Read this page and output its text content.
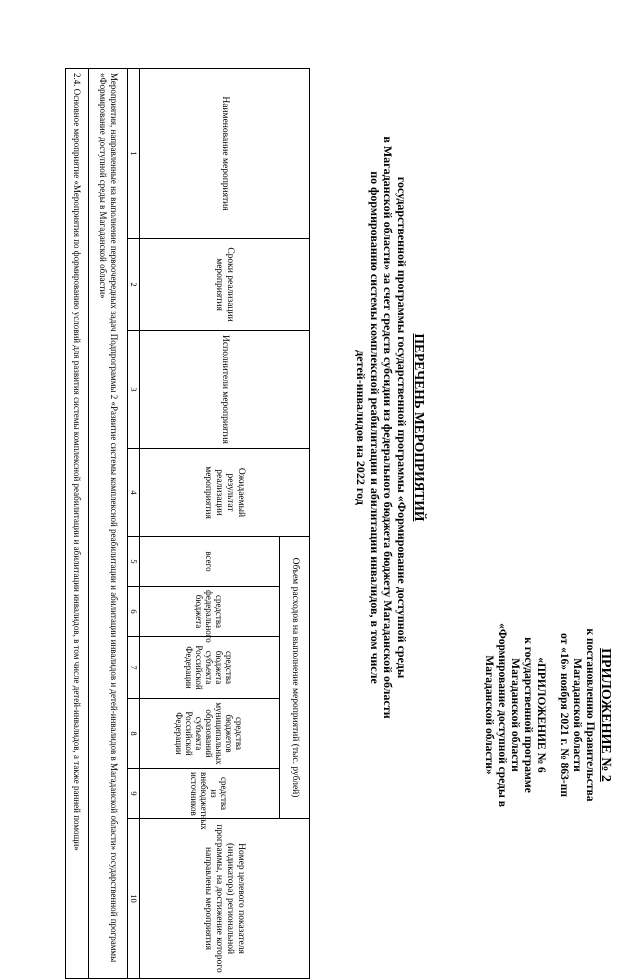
ПРИЛОЖЕНИЕ № 2
к постановлению Правительства
Магаданской области
от «16» ноября 2021 г. № 863-пп
«ПРИЛОЖЕНИЕ № 6
к государственной программе
Магаданской области
«Формирование доступной среды в
Магаданской области»
ПЕРЕЧЕНЬ МЕРОПРИЯТИЙ
государственной программы государственной программы «Формирование доступной среды
в Магаданской области» за счет средств субсидии из федерального бюджета бюджету Магаданской области
по формированию системы комплексной реабилитации и абилитации инвалидов, в том числе
детей-инвалидов на 2022 год
Наименование мероприятия	Сроки реализации мероприятия	Исполнители мероприятия	Ожидаемый результат реализации мероприятия	Объем расходов на выполнение мероприятий (тыс. рублей)					Номер целевого показателя (индикатора) региональной программы, на достижение которого направлены мероприятия
				всего	средства федерального бюджета	средства бюджета субъекта Российской Федерации	средства бюджетов муниципальных образований субъекта Российской Федерации	средства из внебюджетных источников	
1	2	3	4	5	6	7	8	9	10
Мероприятия, направленные на выполнение первоочередных задач Подпрограммы 2 «Развитие системы комплексной реабилитации и абилитации инвалидов и детей-инвалидов в Магаданской области» государственной программы «Формирование доступной среды в Магаданской области»									
2.4. Основное мероприятие «Мероприятия по формированию условий для развития системы комплексной реабилитации и абилитации инвалидов, в том числе детей-инвалидов, а также ранней помощи»									
